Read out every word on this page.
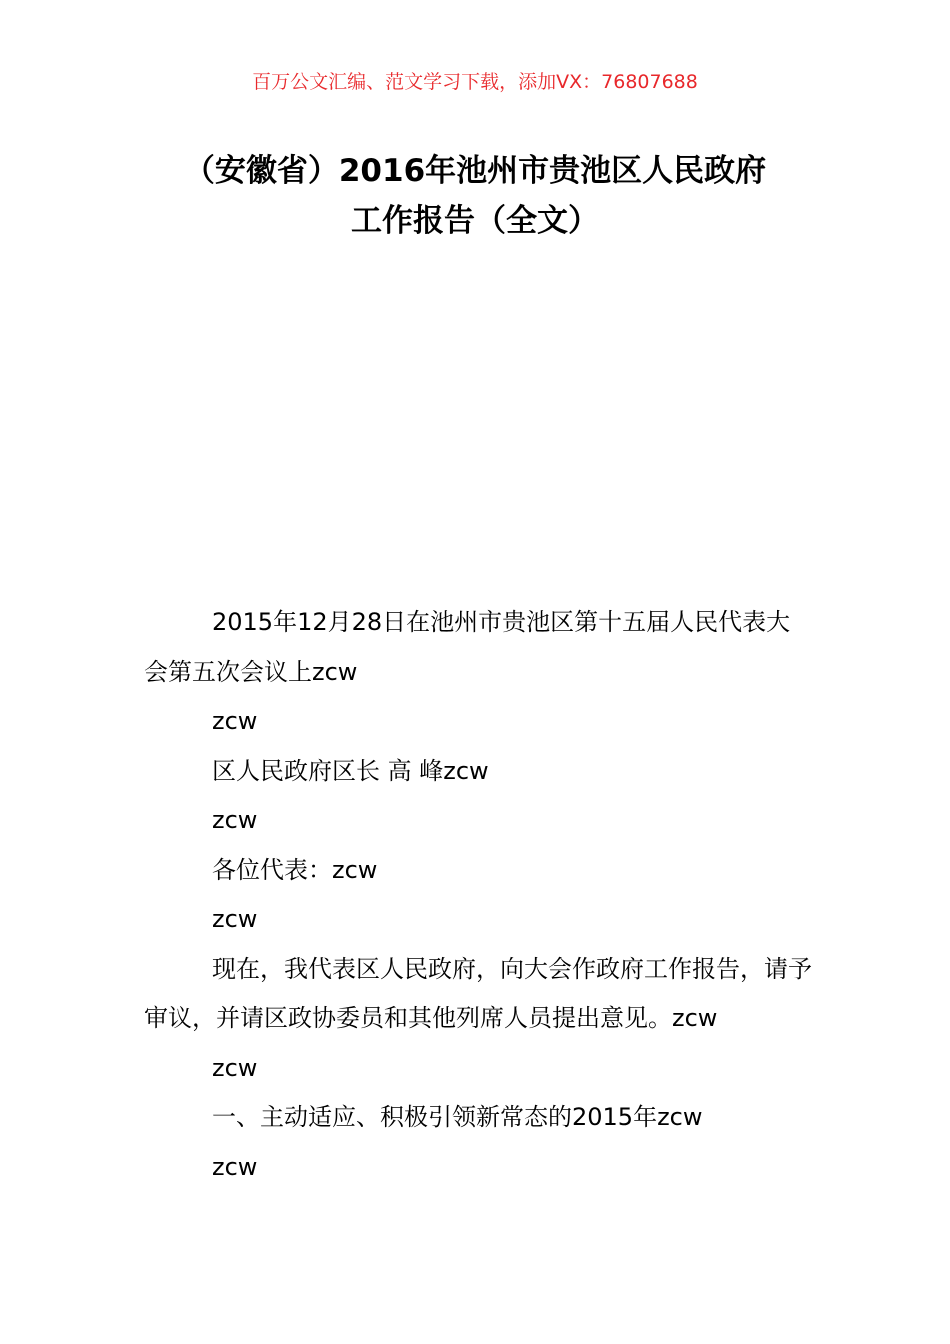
百万公文汇编、范文学习下载，添加VX：76807688
（安徽省）2016年池州市贵池区人民政府
工作报告（全文）

2015年12月28日在池州市贵池区第十五届人民代表大会第五次会议上zcw

zcw

区人民政府区长 高 峰zcw

zcw

各位代表：zcw

zcw

现在，我代表区人民政府，向大会作政府工作报告，请予审议，并请区政协委员和其他列席人员提出意见。zcw

zcw

一、主动适应、积极引领新常态的2015年zcw

zcw
